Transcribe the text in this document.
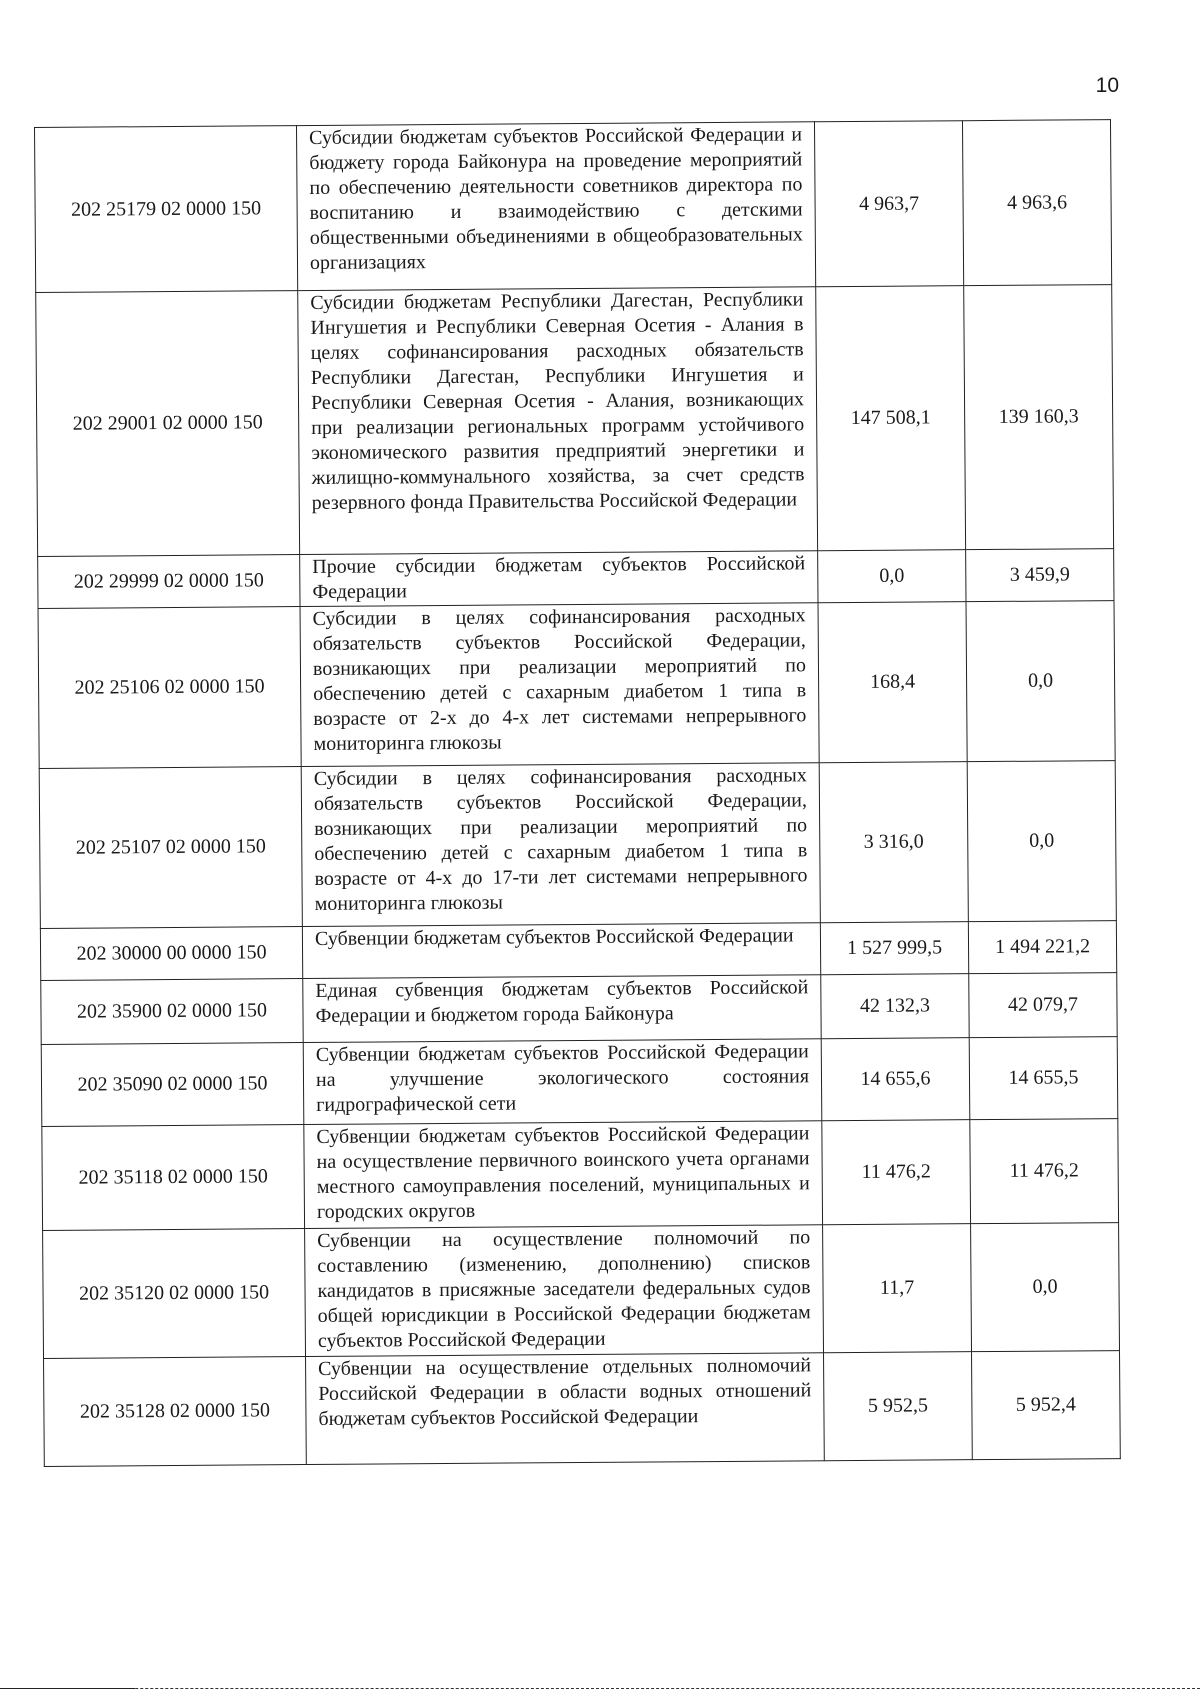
10
202 25179 02 0000 150	Субсидии бюджетам субъектов Российской Федерации и бюджету города Байконура на проведение мероприятий по обеспечению деятельности советников директора по воспитанию и взаимодействию с детскими общественными объединениями в общеобразовательных организациях	4 963,7	4 963,6
202 29001 02 0000 150	Субсидии бюджетам Республики Дагестан, Республики Ингушетия и Республики Северная Осетия - Алания в целях софинансирования расходных обязательств Республики Дагестан, Республики Ингушетия и Республики Северная Осетия - Алания, возникающих при реализации региональных программ устойчивого экономического развития предприятий энергетики и жилищно-коммунального хозяйства, за счет средств резервного фонда Правительства Российской Федерации	147 508,1	139 160,3
202 29999 02 0000 150	Прочие субсидии бюджетам субъектов Российской Федерации	0,0	3 459,9
202 25106 02 0000 150	Субсидии в целях софинансирования расходных обязательств субъектов Российской Федерации, возникающих при реализации мероприятий по обеспечению детей с сахарным диабетом 1 типа в возрасте от 2-х до 4-х лет системами непрерывного мониторинга глюкозы	168,4	0,0
202 25107 02 0000 150	Субсидии в целях софинансирования расходных обязательств субъектов Российской Федерации, возникающих при реализации мероприятий по обеспечению детей с сахарным диабетом 1 типа в возрасте от 4-х до 17-ти лет системами непрерывного мониторинга глюкозы	3 316,0	0,0
202 30000 00 0000 150	Субвенции бюджетам субъектов Российской Федерации	1 527 999,5	1 494 221,2
202 35900 02 0000 150	Единая субвенция бюджетам субъектов Российской Федерации и бюджетом города Байконура	42 132,3	42 079,7
202 35090 02 0000 150	Субвенции бюджетам субъектов Российской Федерации на улучшение экологического состояния гидрографической сети	14 655,6	14 655,5
202 35118 02 0000 150	Субвенции бюджетам субъектов Российской Федерации на осуществление первичного воинского учета органами местного самоуправления поселений, муниципальных и городских округов	11 476,2	11 476,2
202 35120 02 0000 150	Субвенции на осуществление полномочий по составлению (изменению, дополнению) списков кандидатов в присяжные заседатели федеральных судов общей юрисдикции в Российской Федерации бюджетам субъектов Российской Федерации	11,7	0,0
202 35128 02 0000 150	Субвенции на осуществление отдельных полномочий Российской Федерации в области водных отношений бюджетам субъектов Российской Федерации	5 952,5	5 952,4
